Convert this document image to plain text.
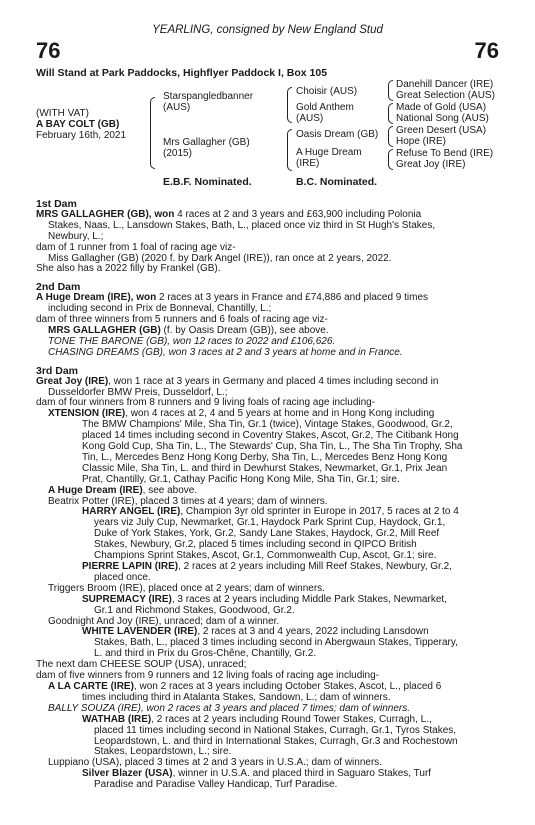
YEARLING, consigned by New England Stud
76	76
Will Stand at Park Paddocks, Highflyer Paddock I, Box 105
(WITH VAT)
A BAY COLT (GB)
February 16th, 2021
Starspangledbanner
(AUS)
Mrs Gallagher (GB)
(2015)
Choisir (AUS)
Gold Anthem
(AUS)
Oasis Dream (GB)
A Huge Dream
(IRE)
Danehill Dancer (IRE)
Great Selection (AUS)
Made of Gold (USA)
National Song (AUS)
Green Desert (USA)
Hope (IRE)
Refuse To Bend (IRE)
Great Joy (IRE)
E.B.F. Nominated.	B.C. Nominated.
1st Dam

MRS GALLAGHER (GB), won 4 races at 2 and 3 years and £63,900 including Polonia

Stakes, Naas, L., Lansdown Stakes, Bath, L., placed once viz third in St Hugh's Stakes,

Newbury, L.;

dam of 1 runner from 1 foal of racing age viz-

Miss Gallagher (GB) (2020 f. by Dark Angel (IRE)), ran once at 2 years, 2022.

She also has a 2022 filly by Frankel (GB).

2nd Dam

A Huge Dream (IRE), won 2 races at 3 years in France and £74,886 and placed 9 times

including second in Prix de Bonneval, Chantilly, L.;

dam of three winners from 5 runners and 6 foals of racing age viz-

MRS GALLAGHER (GB) (f. by Oasis Dream (GB)), see above.

TONE THE BARONE (GB), won 12 races to 2022 and £106,626.

CHASING DREAMS (GB), won 3 races at 2 and 3 years at home and in France.

3rd Dam

Great Joy (IRE), won 1 race at 3 years in Germany and placed 4 times including second in

Dusseldorfer BMW Preis, Dusseldorf, L.;

dam of four winners from 8 runners and 9 living foals of racing age including-

XTENSION (IRE), won 4 races at 2, 4 and 5 years at home and in Hong Kong including

The BMW Champions' Mile, Sha Tin, Gr.1 (twice), Vintage Stakes, Goodwood, Gr.2,

placed 14 times including second in Coventry Stakes, Ascot, Gr.2, The Citibank Hong

Kong Gold Cup, Sha Tin, L., The Stewards' Cup, Sha Tin, L., The Sha Tin Trophy, Sha

Tin, L., Mercedes Benz Hong Kong Derby, Sha Tin, L., Mercedes Benz Hong Kong

Classic Mile, Sha Tin, L. and third in Dewhurst Stakes, Newmarket, Gr.1, Prix Jean

Prat, Chantilly, Gr.1, Cathay Pacific Hong Kong Mile, Sha Tin, Gr.1; sire.

A Huge Dream (IRE), see above.

Beatrix Potter (IRE), placed 3 times at 4 years; dam of winners.

HARRY ANGEL (IRE), Champion 3yr old sprinter in Europe in 2017, 5 races at 2 to 4

years viz July Cup, Newmarket, Gr.1, Haydock Park Sprint Cup, Haydock, Gr.1,

Duke of York Stakes, York, Gr.2, Sandy Lane Stakes, Haydock, Gr.2, Mill Reef

Stakes, Newbury, Gr.2, placed 5 times including second in QIPCO British

Champions Sprint Stakes, Ascot, Gr.1, Commonwealth Cup, Ascot, Gr.1; sire.

PIERRE LAPIN (IRE), 2 races at 2 years including Mill Reef Stakes, Newbury, Gr.2,

placed once.

Triggers Broom (IRE), placed once at 2 years; dam of winners.

SUPREMACY (IRE), 3 races at 2 years including Middle Park Stakes, Newmarket,

Gr.1 and Richmond Stakes, Goodwood, Gr.2.

Goodnight And Joy (IRE), unraced; dam of a winner.

WHITE LAVENDER (IRE), 2 races at 3 and 4 years, 2022 including Lansdown

Stakes, Bath, L., placed 3 times including second in Abergwaun Stakes, Tipperary,

L. and third in Prix du Gros-Chêne, Chantilly, Gr.2.

The next dam CHEESE SOUP (USA), unraced;

dam of five winners from 9 runners and 12 living foals of racing age including-

A LA CARTE (IRE), won 2 races at 3 years including October Stakes, Ascot, L., placed 6

times including third in Atalanta Stakes, Sandown, L.; dam of winners.

BALLY SOUZA (IRE), won 2 races at 3 years and placed 7 times; dam of winners.

WATHAB (IRE), 2 races at 2 years including Round Tower Stakes, Curragh, L.,

placed 11 times including second in National Stakes, Curragh, Gr.1, Tyros Stakes,

Leopardstown, L. and third in International Stakes, Curragh, Gr.3 and Rochestown

Stakes, Leopardstown, L.; sire.

Luppiano (USA), placed 3 times at 2 and 3 years in U.S.A.; dam of winners.

Silver Blazer (USA), winner in U.S.A. and placed third in Saguaro Stakes, Turf

Paradise and Paradise Valley Handicap, Turf Paradise.
